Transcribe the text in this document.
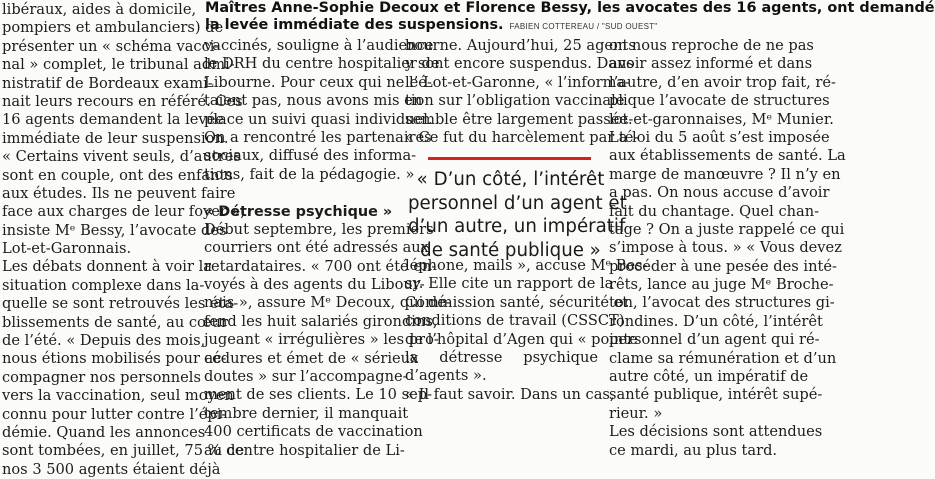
Maîtres Anne-Sophie Decoux et Florence Bessy, les avocates des 16 agents, ont demandé
la levée immédiate des suspensions. FABIEN COTTEREAU / "SUD OUEST"
libéraux, aides à domicile,
pompiers et ambulanciers) de
présenter un « schéma vacci-
nal » complet, le tribunal admi-
nistratif de Bordeaux exami-
nait leurs recours en référé. Ces
16 agents demandent la levée
immédiate de leur suspension.
« Certains vivent seuls, d’autres
sont en couple, ont des enfants
aux études. Ils ne peuvent faire
face aux charges de leur foyer »,
insiste Mᵉ Bessy, l’avocate des
Lot-et-Garonnais.
Les débats donnent à voir la
situation complexe dans la-
quelle se sont retrouvés les éta-
blissements de santé, au cœur
de l’été. « Depuis des mois,
nous étions mobilisés pour ac-
compagner nos personnels
vers la vaccination, seul moyen
connu pour lutter contre l’épi-
démie. Quand les annonces
sont tombées, en juillet, 75 % de
nos 3 500 agents étaient déjà
vaccinés, souligne à l’audience
le DRH du centre hospitalier de
Libourne. Pour ceux qui ne l’é-
taient pas, nous avons mis en
place un suivi quasi individuel.
On a rencontré les partenaires
sociaux, diffusé des informa-
tions, fait de la pédagogie. »

« Détresse psychique »
Début septembre, les premiers
courriers ont été adressés aux
retardataires. « 700 ont été en-
voyés à des agents du Libour-
nais », assure Mᵉ Decoux, qui dé-
fend les huit salariés girondins,
jugeant « irrégulières » les pro-
cédures et émet de « sérieux
doutes » sur l’accompagne-
ment de ses clients. Le 10 sep-
tembre dernier, il manquait
400 certificats de vaccination
au centre hospitalier de Li-
bourne. Aujourd’hui, 25 agents
y sont encore suspendus. Dans
le Lot-et-Garonne, « l’informa-
tion sur l’obligation vaccinale
semble être largement passée.
« Ce fut du harcèlement par té-
« D’un côté, l’intérêt
personnel d’un agent et
d’un autre, un impératif
de santé publique »
léphone, mails », accuse Mᵉ Bes-
sy. Elle cite un rapport de la
Commission santé, sécurité et
conditions de travail (CSSCT)
de l’hôpital d’Agen qui « pointe
la détresse psychique
d’agents ».
« Il faut savoir. Dans un cas,
on nous reproche de ne pas
avoir assez informé et dans
l’autre, d’en avoir trop fait, ré-
plique l’avocate de structures
lot-et-garonnaises, Mᵉ Munier.
La loi du 5 août s’est imposée
aux établissements de santé. La
marge de manœuvre ? Il n’y en
a pas. On nous accuse d’avoir
fait du chantage. Quel chan-
tage ? On a juste rappelé ce qui
s’impose à tous. » « Vous devez
procéder à une pesée des inté-
rêts, lance au juge Mᵉ Broche-
ton, l’avocat des structures gi-
rondines. D’un côté, l’intérêt
personnel d’un agent qui ré-
clame sa rémunération et d’un
autre côté, un impératif de
santé publique, intérêt supé-
rieur. »
Les décisions sont attendues
ce mardi, au plus tard.
